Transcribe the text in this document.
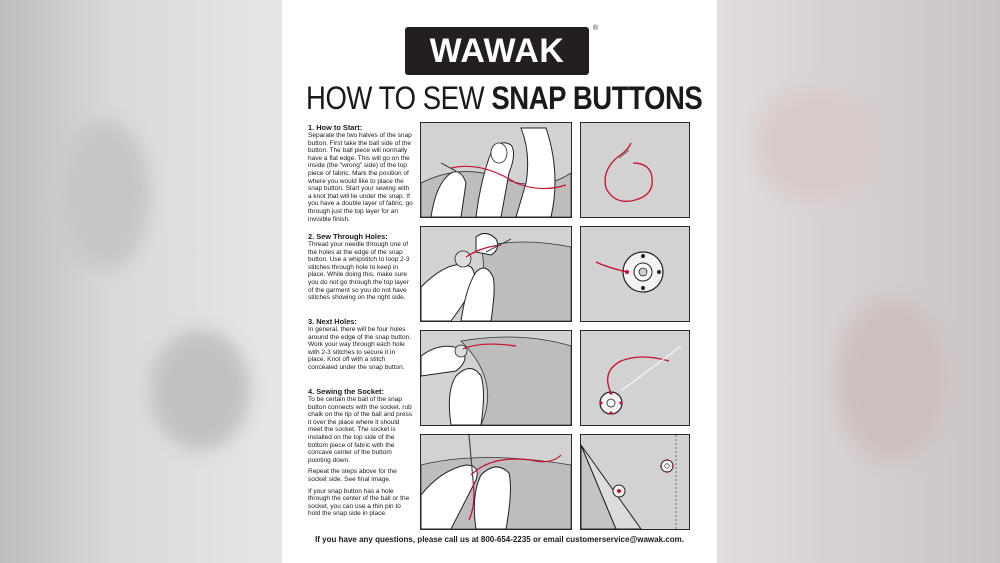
WAWAK
®
HOW TO SEW SNAP BUTTONS

1. How to Start:

Separate the two halves of the snap button. First take the ball side of the button. The ball piece will normally have a flat edge. This will go on the inside (the "wrong" side) of the top piece of fabric. Mark the position of where you would like to place the snap button. Start your sewing with a knot that will lie under the snap. If you have a double layer of fabric, go through just the top layer for an invisible finish.

2. Sew Through Holes:

Thread your needle through one of the holes at the edge of the snap button. Use a whipstitch to loop 2-3 stitches through hole to keep in place. While doing this, make sure you do not go through the top layer of the garment so you do not have stitches showing on the right side.

3. Next Holes:

In general, there will be four holes around the edge of the snap button. Work your way through each hole with 2-3 stitches to secure it in place. Knot off with a stitch concealed under the snap button.

4. Sewing the Socket:

To be certain the ball of the snap button connects with the socket, rub chalk on the tip of the ball and press it over the place where it should meet the socket. The socket is installed on the top side of the bottom piece of fabric with the concave center of the buttom pointing down.

Repeat the steps above for the socket side. See final image.

If your snap button has a hole through the center of the ball or the socket, you can use a thin pin to hold the snap side in place.

If you have any questions, please call us at 800-654-2235 or email customerservice@wawak.com.
